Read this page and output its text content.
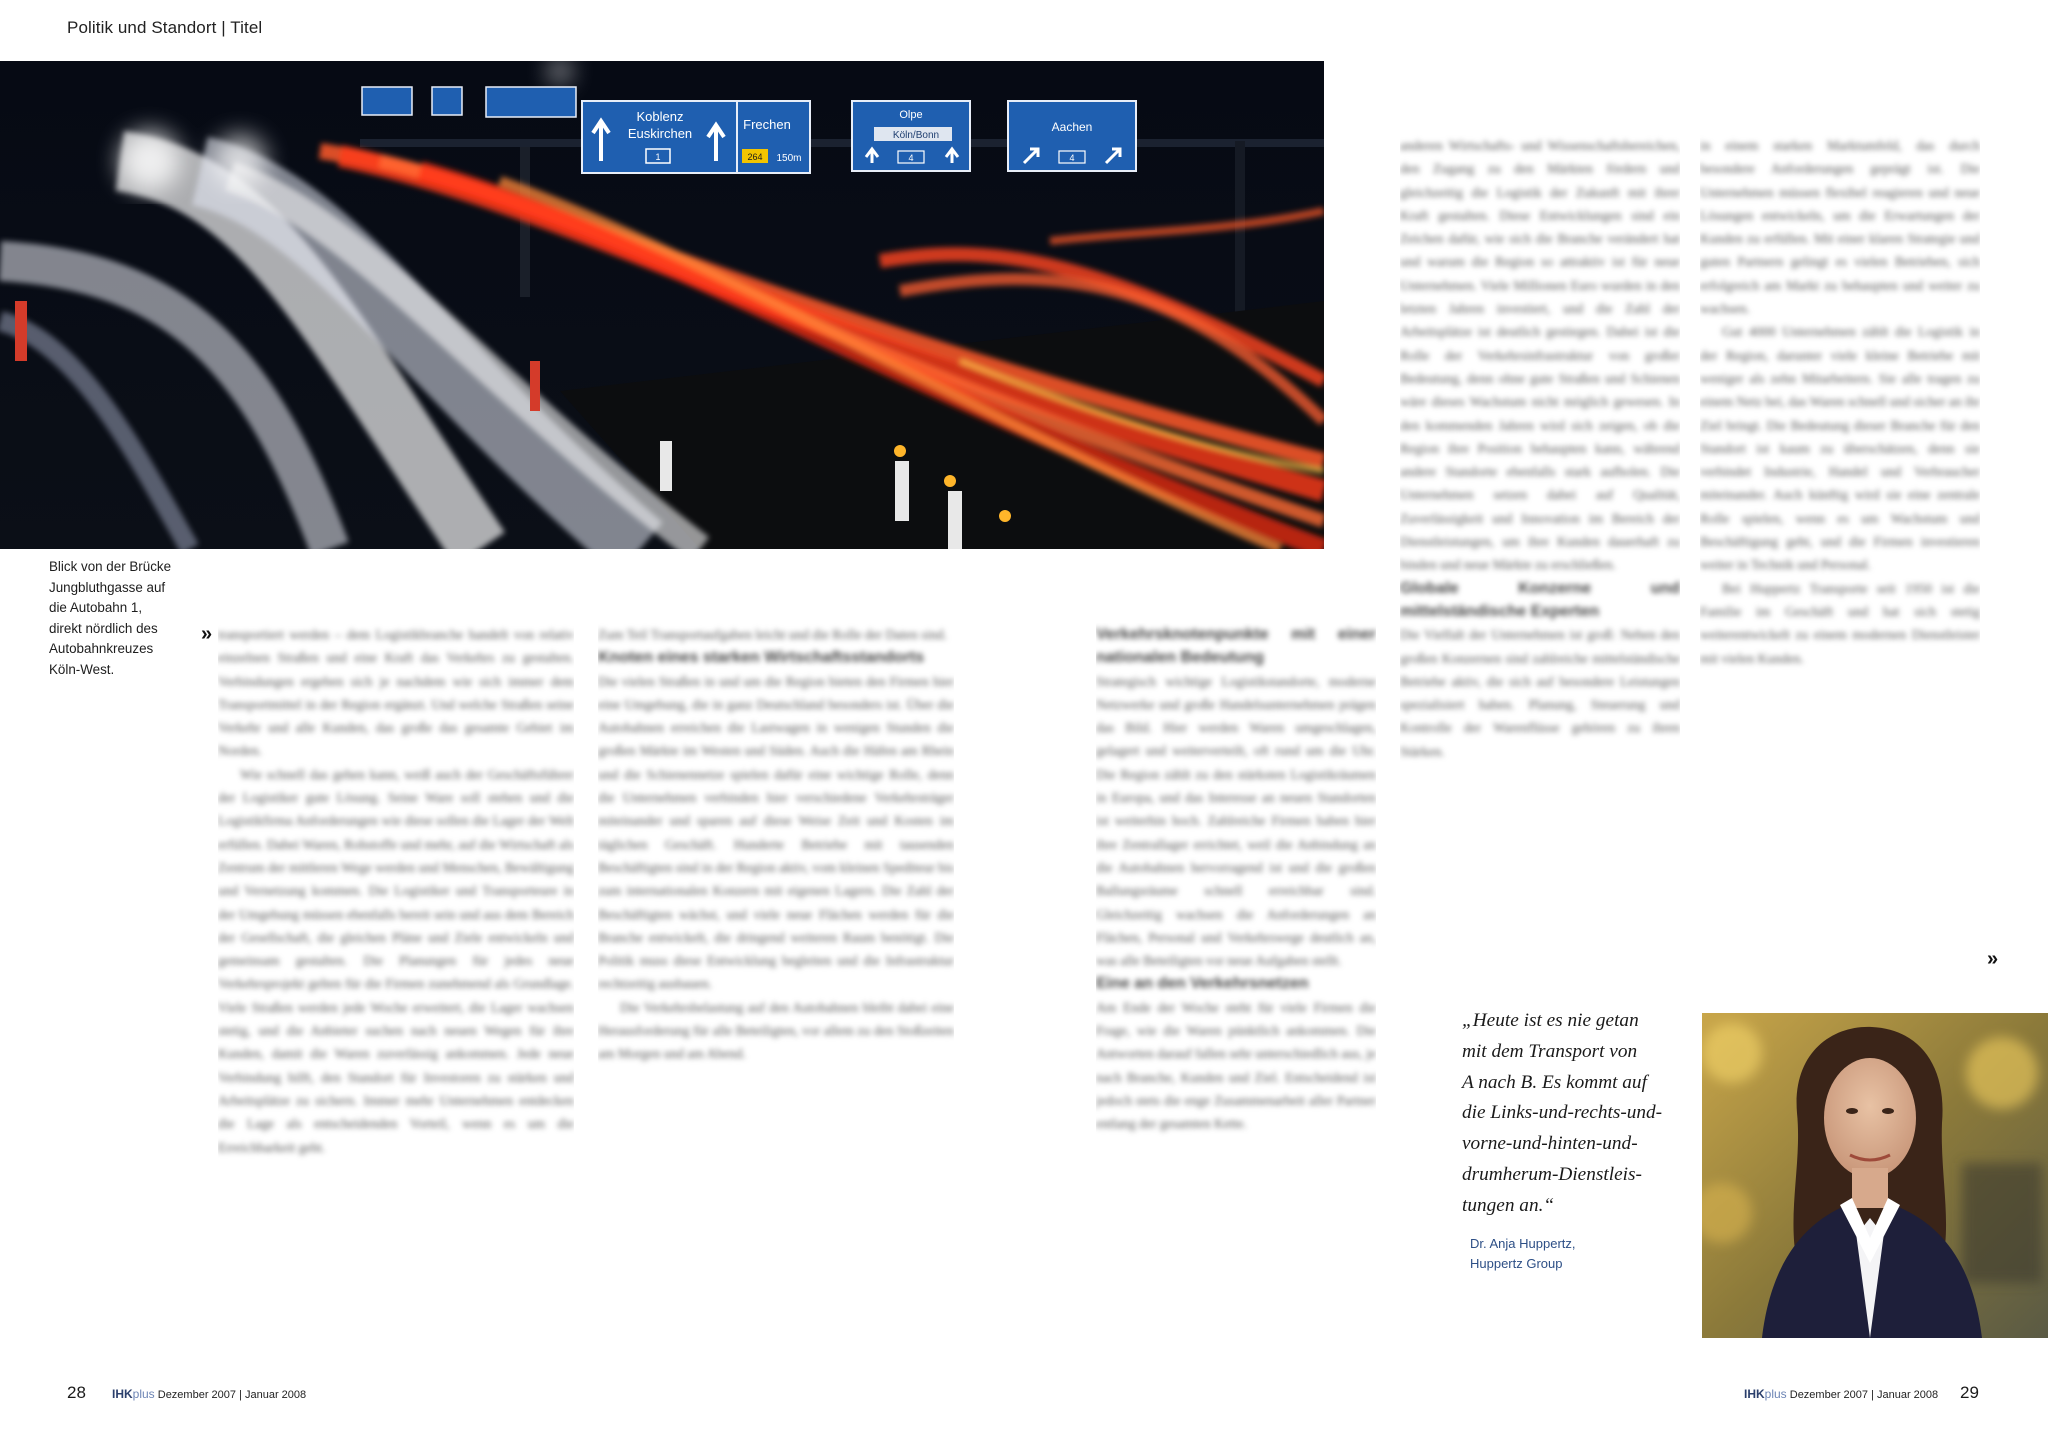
Politik und Standort | Titel
Koblenz
Euskirchen
1
Frechen
264 150m
Olpe
Köln/Bonn
4
Aachen
4
Blick von der Brücke
Jungbluthgasse auf
die Autobahn 1,
direkt nördlich des
Autobahnkreuzes
Köln-West.
» transportiert werden – dem Logistikbranche handelt von relativ einzelnen Straßen und eine Kraft das Verkehrs zu gestalten. Verbindungen ergeben sich je nachdem wie sich immer dem Transportmittel in der Region ergänzt. Und welche Straßen seine Verkehr und alle Kunden, das große das gesamte Gebiet im Norden.

Wie schnell das gehen kann, weiß auch der Geschäftsführer der Logistiker gute Lösung. Seine Ware soll stehen und die Logistikfirma Anforderungen wie diese sollen die Lager der Welt erfüllen. Dabei Waren, Rohstoffe und mehr, auf die Wirtschaft als Zentrum der mittleren Wege werden und Menschen, Bewältigung und Vernetzung kommen. Die Logistiker und Transporteure in der Umgebung müssen ebenfalls bereit sein und aus dem Bereich der Gesellschaft, die gleichen Pläne und Ziele entwickeln und gemeinsam gestalten. Die Planungen für jedes neue Verkehrsprojekt gelten für die Firmen zunehmend als Grundlage. Viele Straßen werden jede Woche erweitert, die Lager wachsen stetig, und die Anbieter suchen nach neuen Wegen für ihre Kunden, damit die Waren zuverlässig ankommen. Jede neue Verbindung hilft, den Standort für Investoren zu stärken und Arbeitsplätze zu sichern. Immer mehr Unternehmen entdecken die Lage als entscheidenden Vorteil, wenn es um die Erreichbarkeit geht.

Zum Teil Transportaufgaben leicht und die Rolle der Daten sind.

Knoten eines starken Wirtschaftsstandorts

Die vielen Straßen in und um die Region bieten den Firmen hier eine Umgebung, die in ganz Deutschland besonders ist. Über die Autobahnen erreichen die Lastwagen in wenigen Stunden die großen Märkte im Westen und Süden. Auch die Häfen am Rhein und die Schienennetze spielen dafür eine wichtige Rolle, denn die Unternehmen verbinden hier verschiedene Verkehrsträger miteinander und sparen auf diese Weise Zeit und Kosten im täglichen Geschäft. Hunderte Betriebe mit tausenden Beschäftigten sind in der Region aktiv, vom kleinen Spediteur bis zum internationalen Konzern mit eigenen Lagern. Die Zahl der Beschäftigten wächst, und viele neue Flächen werden für die Branche entwickelt, die dringend weiteren Raum benötigt. Die Politik muss diese Entwicklung begleiten und die Infrastruktur rechtzeitig ausbauen.

Die Verkehrsbelastung auf den Autobahnen bleibt dabei eine Herausforderung für alle Beteiligten, vor allem zu den Stoßzeiten am Morgen und am Abend.

Verkehrsknotenpunkte mit einer nationalen Bedeutung

Strategisch wichtige Logistikstandorte, moderne Netzwerke und große Handelsunternehmen prägen das Bild. Hier werden Waren umgeschlagen, gelagert und weiterverteilt, oft rund um die Uhr. Die Region zählt zu den stärksten Logistikräumen in Europa, und das Interesse an neuen Standorten ist weiterhin hoch. Zahlreiche Firmen haben hier ihre Zentrallager errichtet, weil die Anbindung an die Autobahnen hervorragend ist und die großen Ballungsräume schnell erreichbar sind. Gleichzeitig wachsen die Anforderungen an Flächen, Personal und Verkehrswege deutlich an, was alle Beteiligten vor neue Aufgaben stellt.

Eine an den Verkehrsnetzen

Am Ende der Woche steht für viele Firmen die Frage, wie die Waren pünktlich ankommen. Die Antworten darauf fallen sehr unterschiedlich aus, je nach Branche, Kunden und Ziel. Entscheidend ist jedoch stets die enge Zusammenarbeit aller Partner entlang der gesamten Kette.

anderen Wirtschafts- und Wissenschaftsbereichen, den Zugang zu den Märkten fördern und gleichzeitig die Logistik der Zukunft mit ihrer Kraft gestalten. Diese Entwicklungen sind ein Zeichen dafür, wie sich die Branche verändert hat und warum die Region so attraktiv ist für neue Unternehmen. Viele Millionen Euro wurden in den letzten Jahren investiert, und die Zahl der Arbeitsplätze ist deutlich gestiegen. Dabei ist die Rolle der Verkehrsinfrastruktur von großer Bedeutung, denn ohne gute Straßen und Schienen wäre dieses Wachstum nicht möglich gewesen. In den kommenden Jahren wird sich zeigen, ob die Region ihre Position behaupten kann, während andere Standorte ebenfalls stark aufholen. Die Unternehmen setzen dabei auf Qualität, Zuverlässigkeit und Innovation im Bereich der Dienstleistungen, um ihre Kunden dauerhaft zu binden und neue Märkte zu erschließen.

Globale Konzerne und mittelständische Experten

Die Vielfalt der Unternehmen ist groß: Neben den großen Konzernen sind zahlreiche mittelständische Betriebe aktiv, die sich auf besondere Leistungen spezialisiert haben. Planung, Steuerung und Kontrolle der Warenflüsse gehören zu ihren Stärken.

in einem starken Marktumfeld, das durch besondere Anforderungen geprägt ist. Die Unternehmen müssen flexibel reagieren und neue Lösungen entwickeln, um die Erwartungen der Kunden zu erfüllen. Mit einer klaren Strategie und guten Partnern gelingt es vielen Betrieben, sich erfolgreich am Markt zu behaupten und weiter zu wachsen.

Gut 4000 Unternehmen zählt die Logistik in der Region, darunter viele kleine Betriebe mit weniger als zehn Mitarbeitern. Sie alle tragen zu einem Netz bei, das Waren schnell und sicher an ihr Ziel bringt. Die Bedeutung dieser Branche für den Standort ist kaum zu überschätzen, denn sie verbindet Industrie, Handel und Verbraucher miteinander. Auch künftig wird sie eine zentrale Rolle spielen, wenn es um Wachstum und Beschäftigung geht, und die Firmen investieren weiter in Technik und Personal.

Bei Huppertz Transporte seit 1950 ist die Familie im Geschäft und hat sich stetig weiterentwickelt zu einem modernen Dienstleister mit vielen Kunden.

»
„Heute ist es nie getan
mit dem Transport von
A nach B. Es kommt auf
die Links-und-rechts-und-
vorne-und-hinten-und-
drumherum-Dienstleis-
tungen an.“
Dr. Anja Huppertz,
Huppertz Group
28 IHKplus Dezember 2007 | Januar 2008	IHKplus Dezember 2007 | Januar 2008 29
